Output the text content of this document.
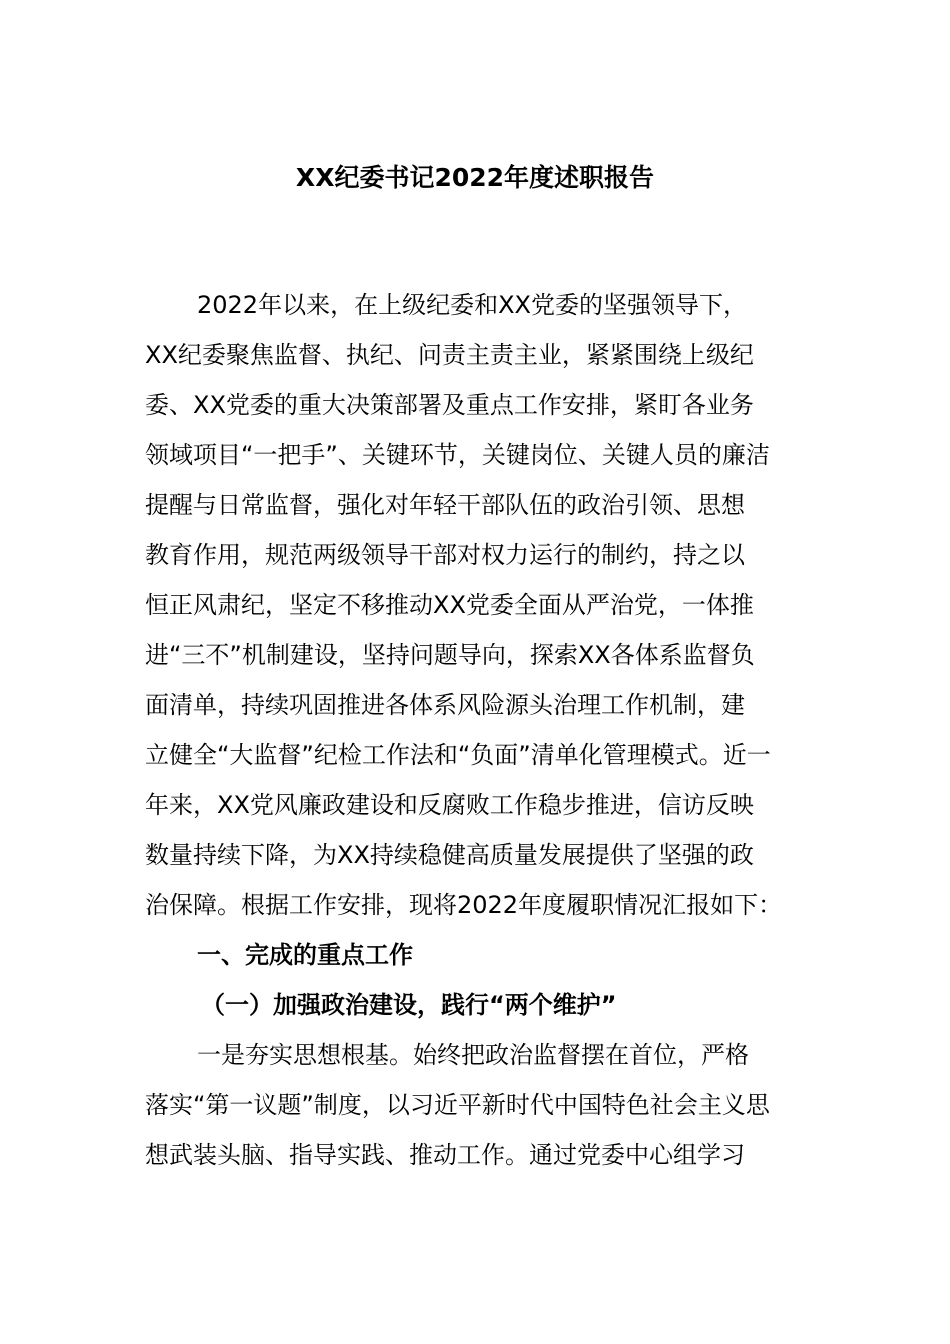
XX纪委书记2022年度述职报告
2022年以来，在上级纪委和XX党委的坚强领导下，
XX纪委聚焦监督、执纪、问责主责主业，紧紧围绕上级纪
委、XX党委的重大决策部署及重点工作安排，紧盯各业务
领域项目“一把手”、关键环节，关键岗位、关键人员的廉洁
提醒与日常监督，强化对年轻干部队伍的政治引领、思想
教育作用，规范两级领导干部对权力运行的制约，持之以
恒正风肃纪，坚定不移推动XX党委全面从严治党，一体推
进“三不”机制建设，坚持问题导向，探索XX各体系监督负
面清单，持续巩固推进各体系风险源头治理工作机制，建
立健全“大监督”纪检工作法和“负面”清单化管理模式。近一
年来，XX党风廉政建设和反腐败工作稳步推进，信访反映
数量持续下降，为XX持续稳健高质量发展提供了坚强的政
治保障。根据工作安排，现将2022年度履职情况汇报如下：
一、完成的重点工作
（一）加强政治建设，践行“两个维护”
一是夯实思想根基。始终把政治监督摆在首位，严格
落实“第一议题”制度，以习近平新时代中国特色社会主义思
想武装头脑、指导实践、推动工作。通过党委中心组学习
